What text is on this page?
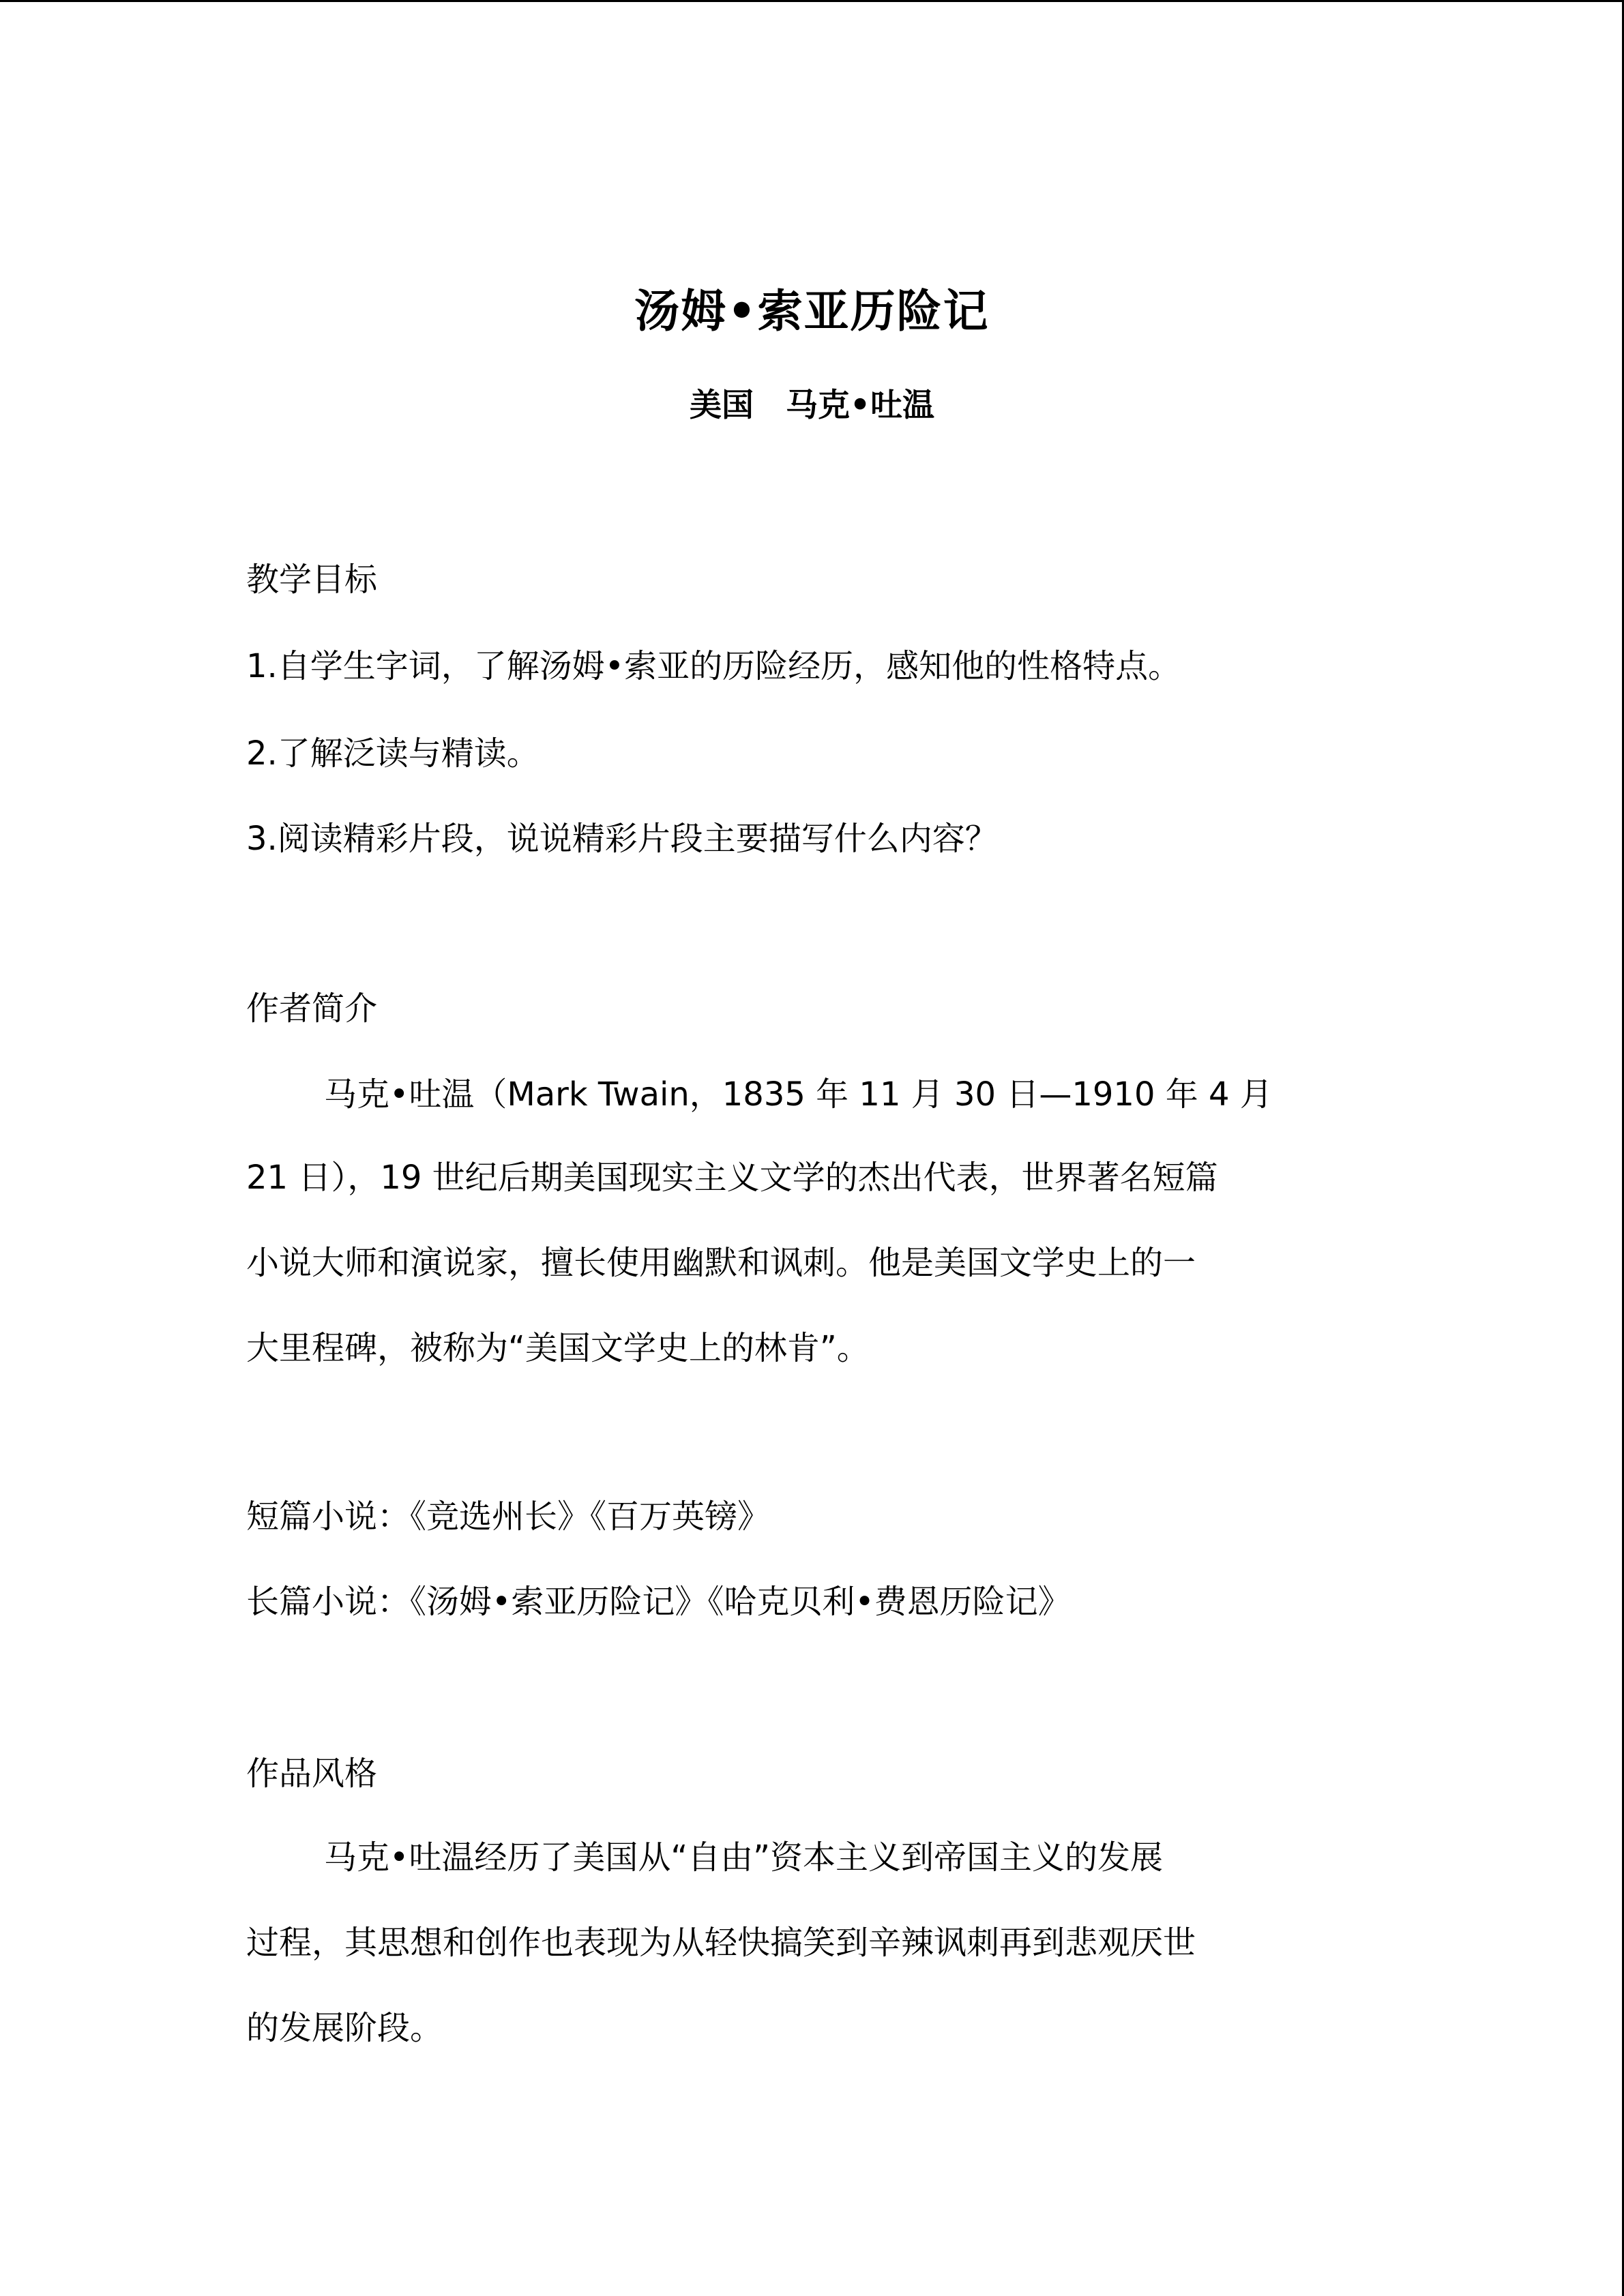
汤姆•索亚历险记
美国　马克•吐温
教学目标
1.自学生字词，了解汤姆•索亚的历险经历，感知他的性格特点。
2.了解泛读与精读。
3.阅读精彩片段，说说精彩片段主要描写什么内容？
作者简介
马克•吐温（Mark Twain，1835 年 11 月 30 日—1910 年 4 月
21 日），19 世纪后期美国现实主义文学的杰出代表，世界著名短篇
小说大师和演说家，擅长使用幽默和讽刺。他是美国文学史上的一
大里程碑，被称为“美国文学史上的林肯”。
短篇小说：《竞选州长》《百万英镑》
长篇小说：《汤姆•索亚历险记》《哈克贝利•费恩历险记》
作品风格
马克•吐温经历了美国从“自由”资本主义到帝国主义的发展
过程，其思想和创作也表现为从轻快搞笑到辛辣讽刺再到悲观厌世
的发展阶段。
